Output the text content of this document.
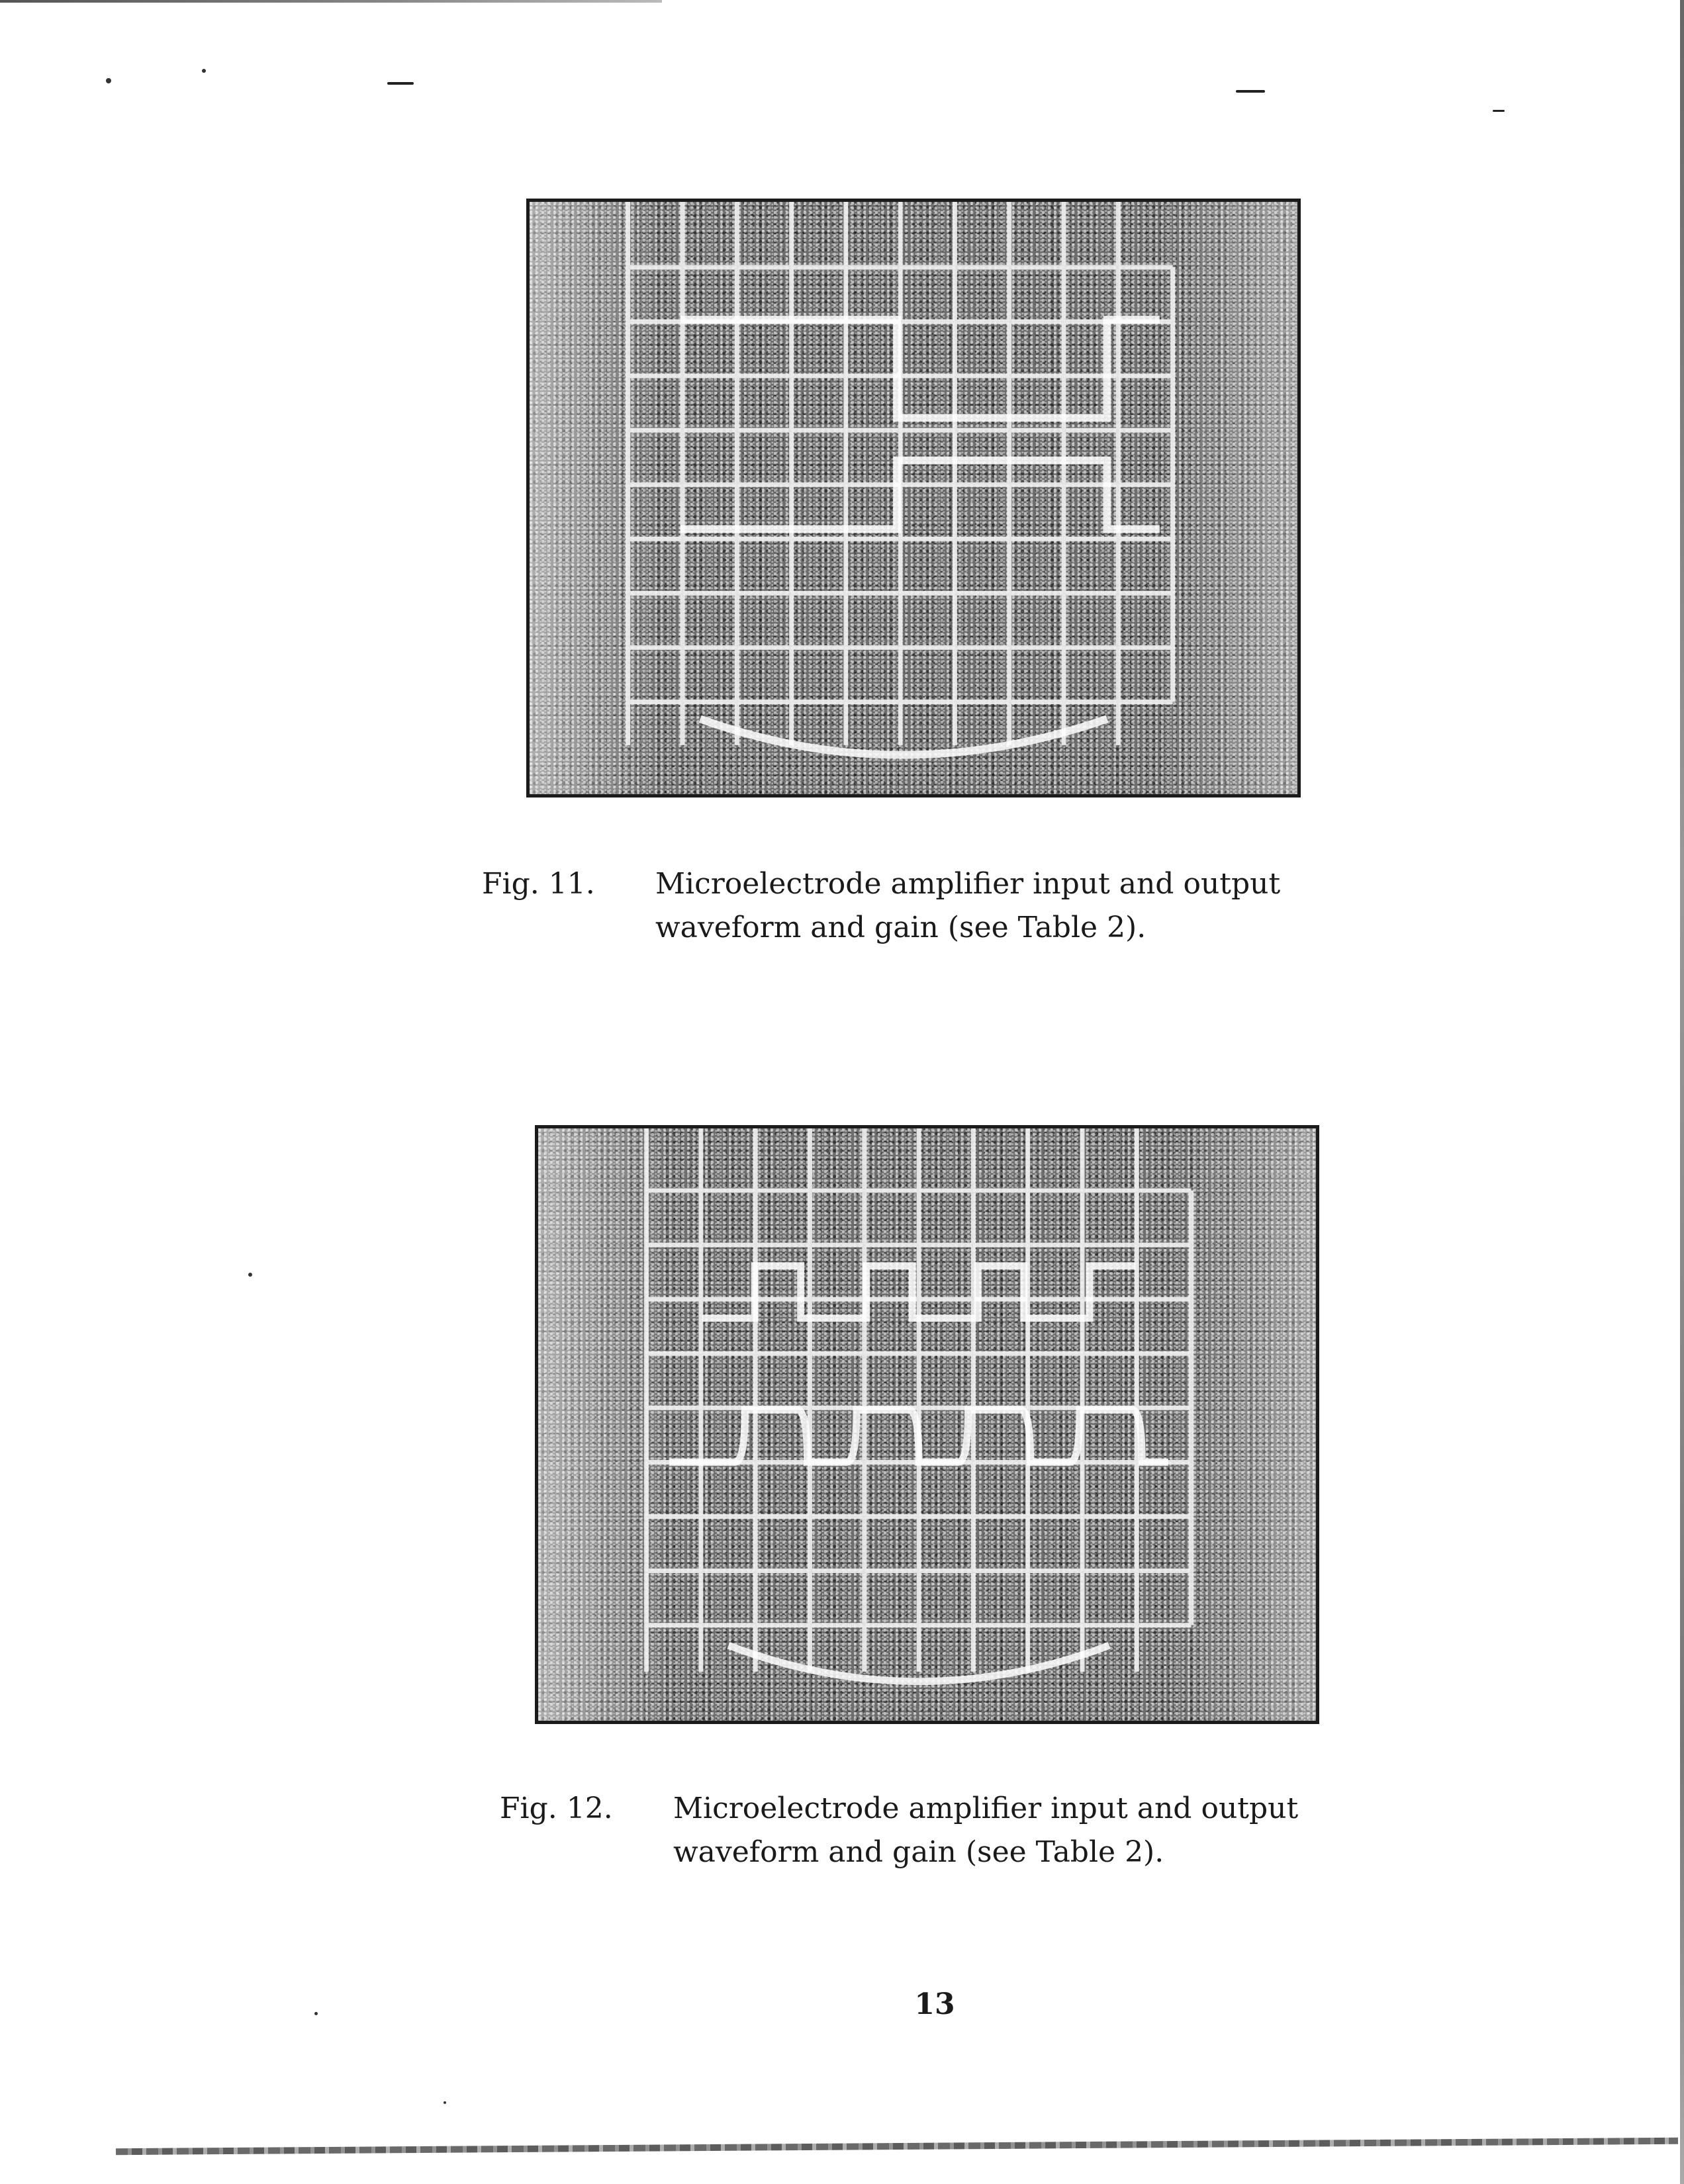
Fig. 11. Microelectrode amplifier input and output
waveform and gain (see Table 2).
Fig. 12. Microelectrode amplifier input and output
waveform and gain (see Table 2).
13
